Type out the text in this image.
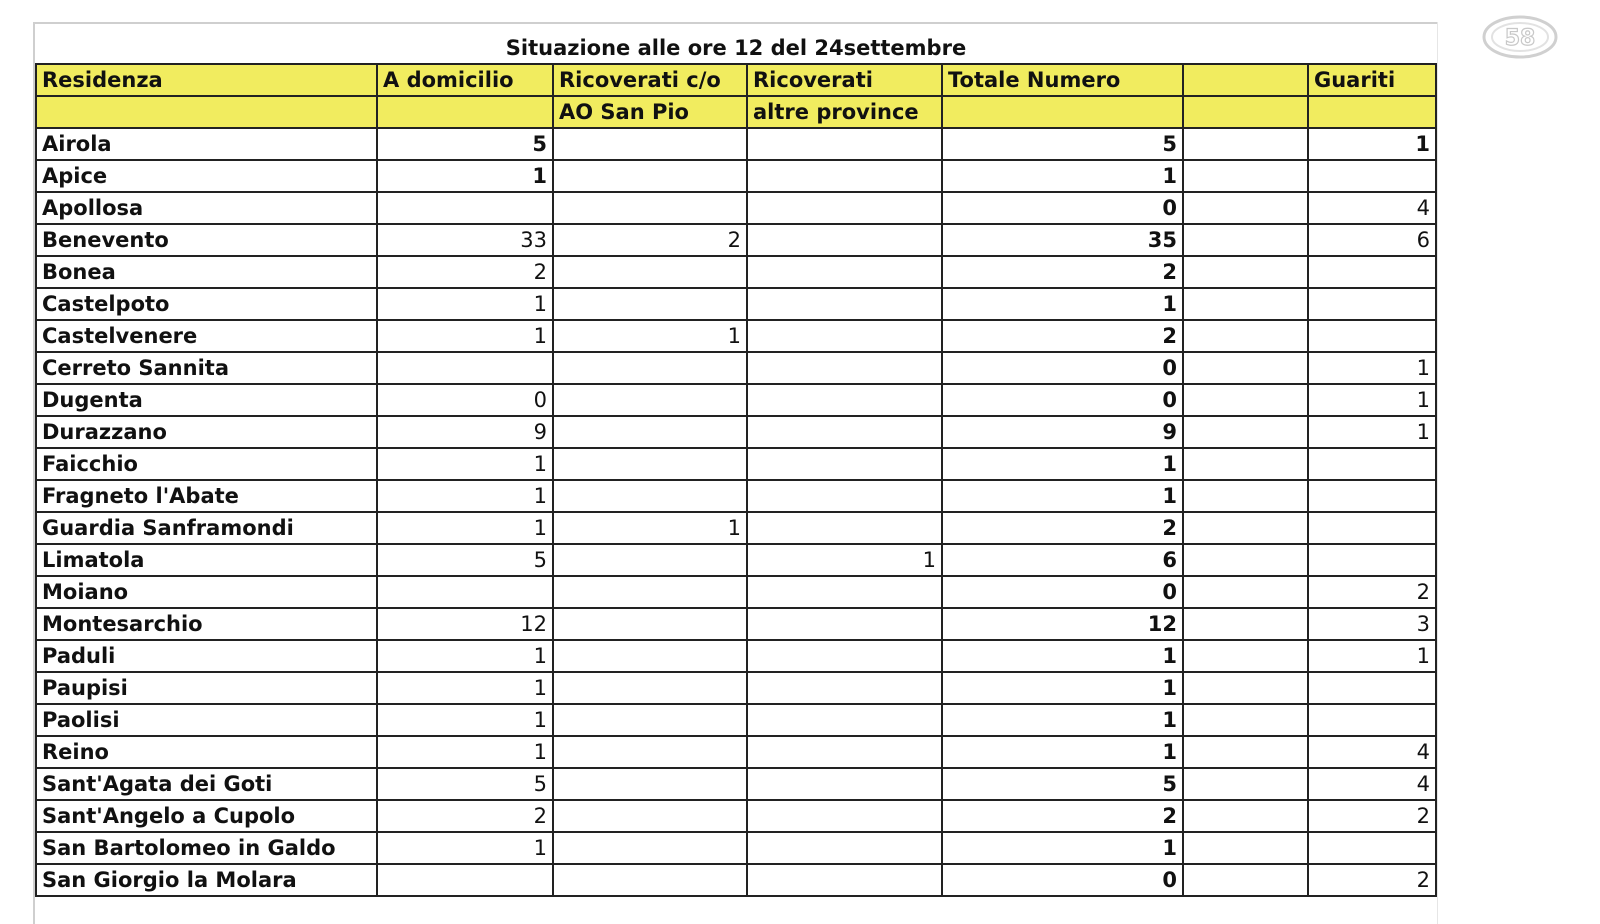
Situazione alle ore 12 del 24settembre						
Residenza	A domicilio	Ricoverati c/o	Ricoverati	Totale Numero		Guariti
		AO San Pio	altre province			
Airola	5			5		1
Apice	1			1		
Apollosa				0		4
Benevento	33	2		35		6
Bonea	2			2		
Castelpoto	1			1		
Castelvenere	1	1		2		
Cerreto Sannita				0		1
Dugenta	0			0		1
Durazzano	9			9		1
Faicchio	1			1		
Fragneto l'Abate	1			1		
Guardia Sanframondi	1	1		2		
Limatola	5		1	6		
Moiano				0		2
Montesarchio	12			12		3
Paduli	1			1		1
Paupisi	1			1		
Paolisi	1			1		
Reino	1			1		4
Sant'Agata dei Goti	5			5		4
Sant'Angelo a Cupolo	2			2		2
San Bartolomeo in Galdo	1			1		
San Giorgio la Molara				0		2
58
